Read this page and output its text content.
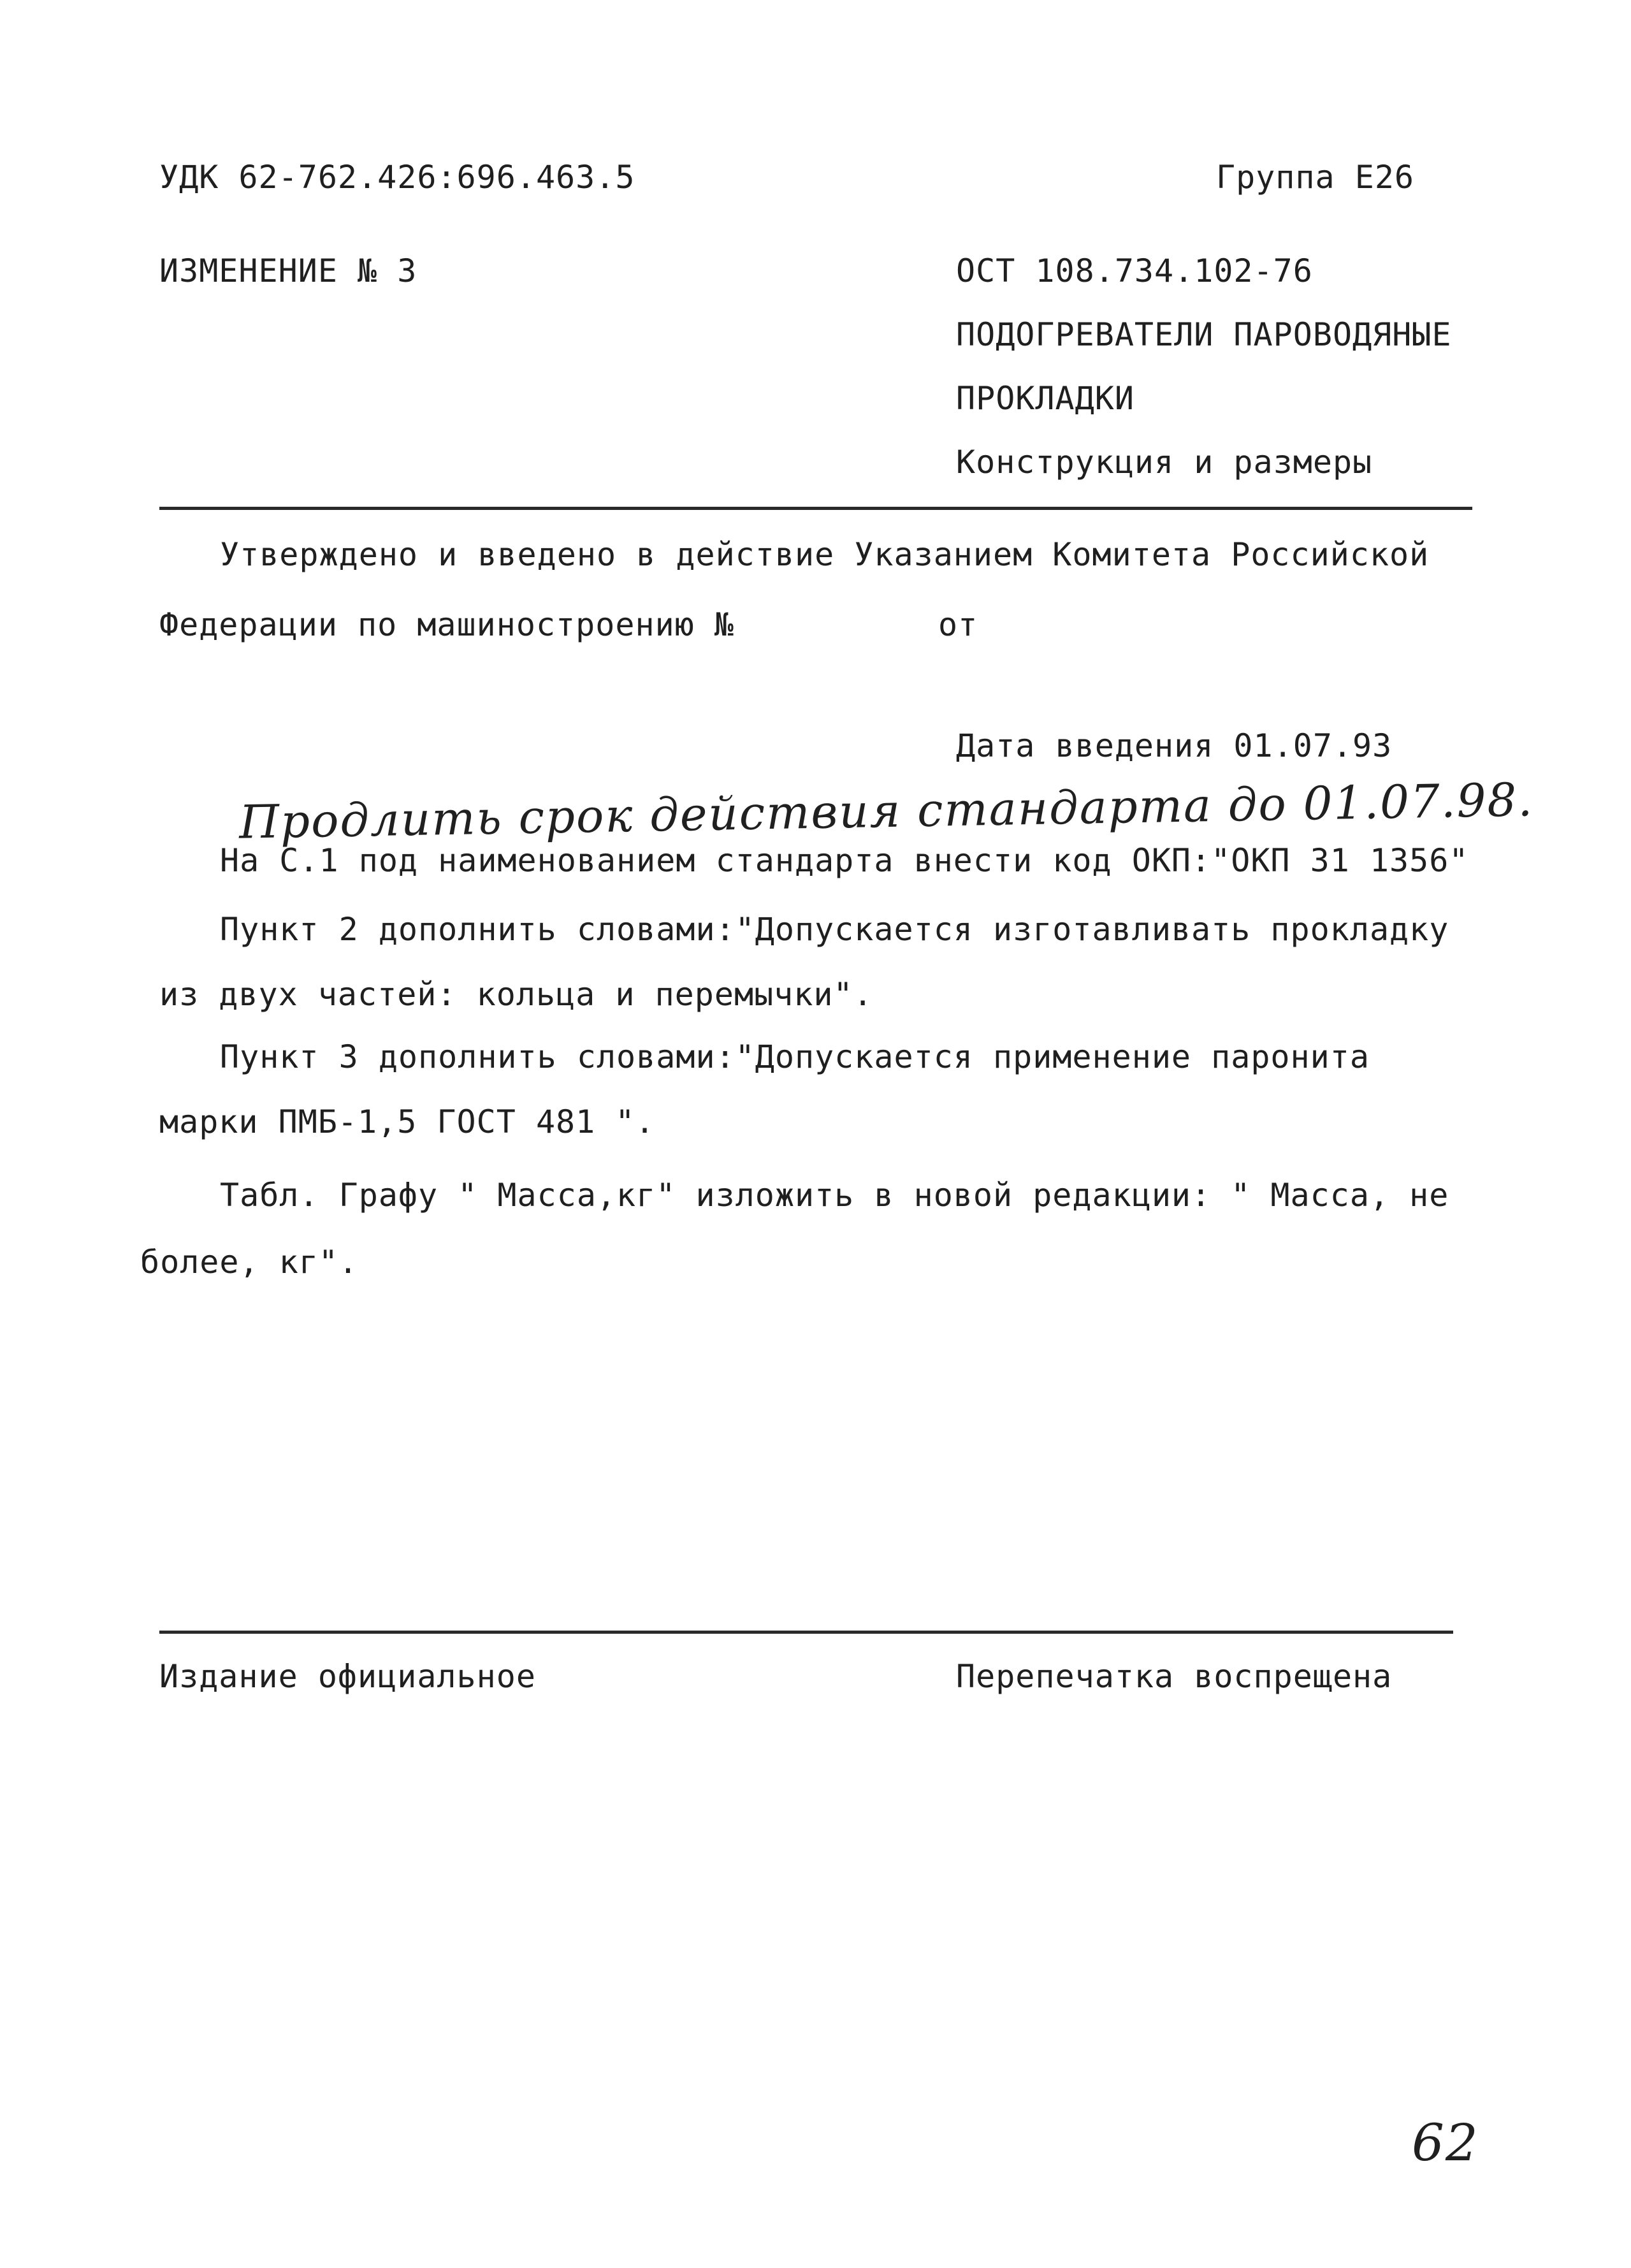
УДК 62-762.426:696.463.5	Группа Е26
ИЗМЕНЕНИЕ № 3	ОСТ 108.734.102-76
ПОДОГРЕВАТЕЛИ ПАРОВОДЯНЫЕ
ПРОКЛАДКИ
Конструкция и размеры
Утверждено и введено в действие Указанием Комитета Российской
Федерации по машиностроению №	от
Дата введения 01.07.93
Продлить срок действия стандарта до 01.07.98.
На С.1 под наименованием стандарта внести код ОКП:"ОКП 31 1356"
Пункт 2 дополнить словами:"Допускается изготавливать прокладку
из двух частей: кольца и перемычки".
Пункт 3 дополнить словами:"Допускается применение паронита
марки ПМБ-1,5 ГОСТ 481 ".
Табл. Графу " Масса,кг" изложить в новой редакции: " Масса, не
более, кг".
Издание официальное	Перепечатка воспрещена
62
